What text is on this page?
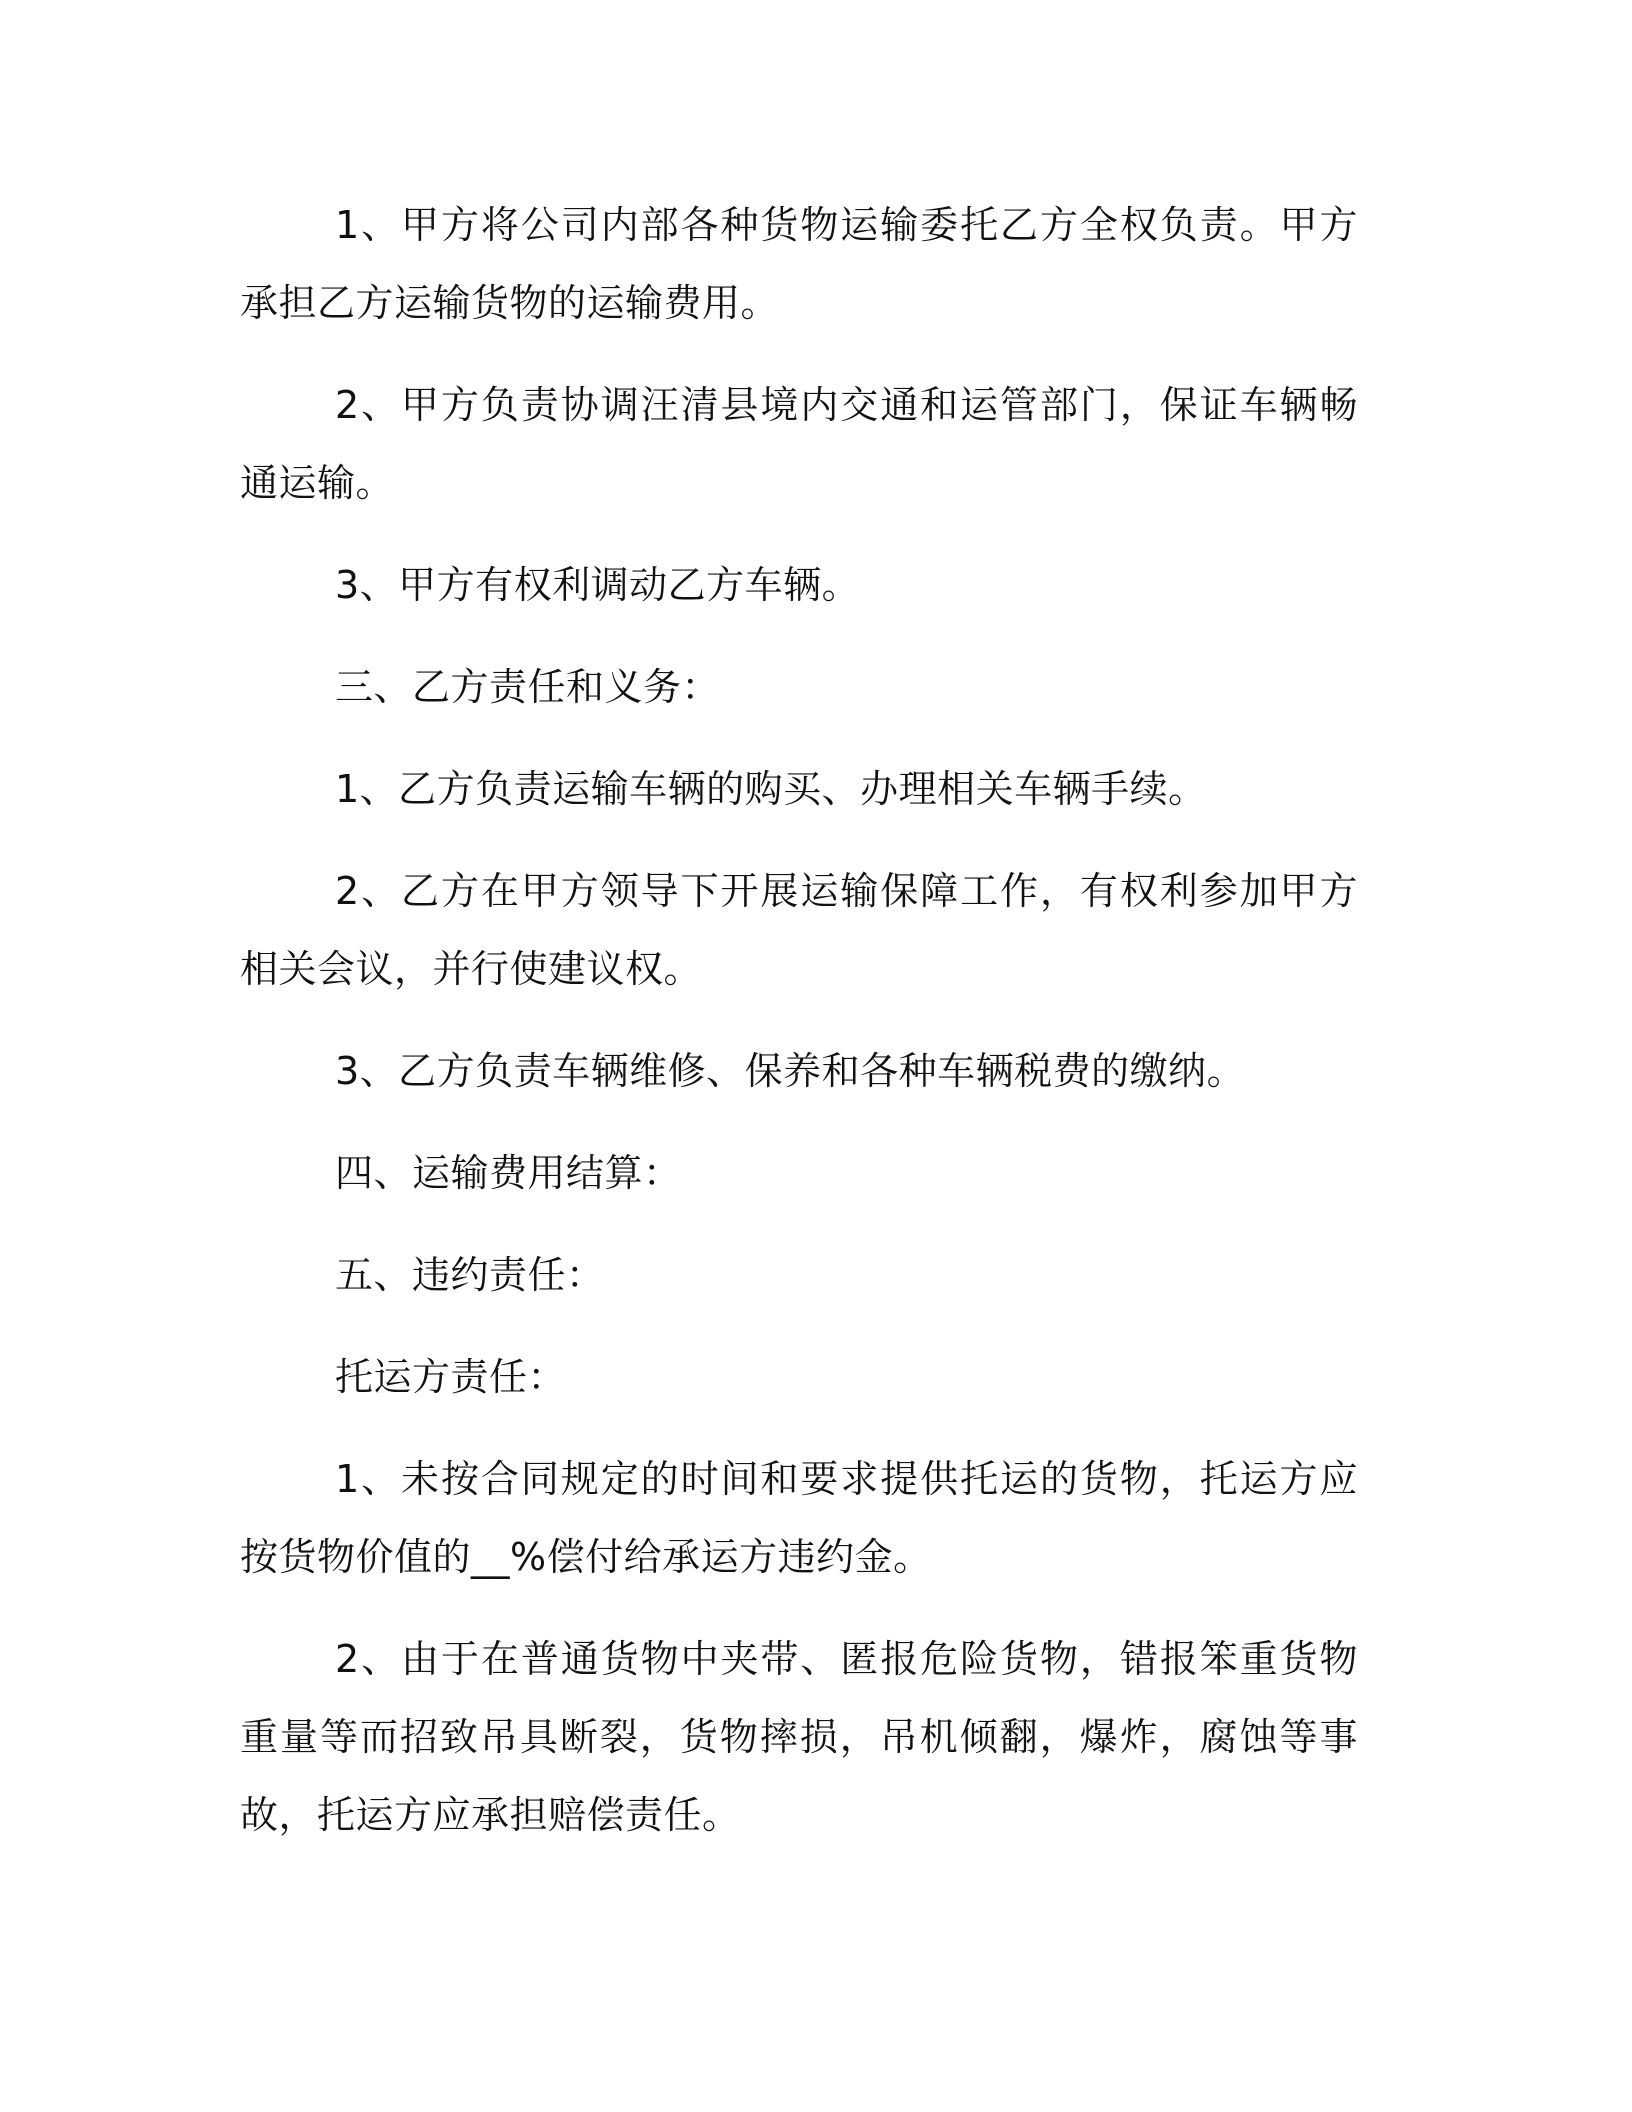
1、甲方将公司内部各种货物运输委托乙方全权负责。甲方承担乙方运输货物的运输费用。

2、甲方负责协调汪清县境内交通和运管部门，保证车辆畅通运输。

3、甲方有权利调动乙方车辆。

三、乙方责任和义务：

1、乙方负责运输车辆的购买、办理相关车辆手续。

2、乙方在甲方领导下开展运输保障工作，有权利参加甲方相关会议，并行使建议权。

3、乙方负责车辆维修、保养和各种车辆税费的缴纳。

四、运输费用结算：

五、违约责任：

托运方责任：

1、未按合同规定的时间和要求提供托运的货物，托运方应按货物价值的__%偿付给承运方违约金。

2、由于在普通货物中夹带、匿报危险货物，错报笨重货物重量等而招致吊具断裂，货物摔损，吊机倾翻，爆炸，腐蚀等事故，托运方应承担赔偿责任。
